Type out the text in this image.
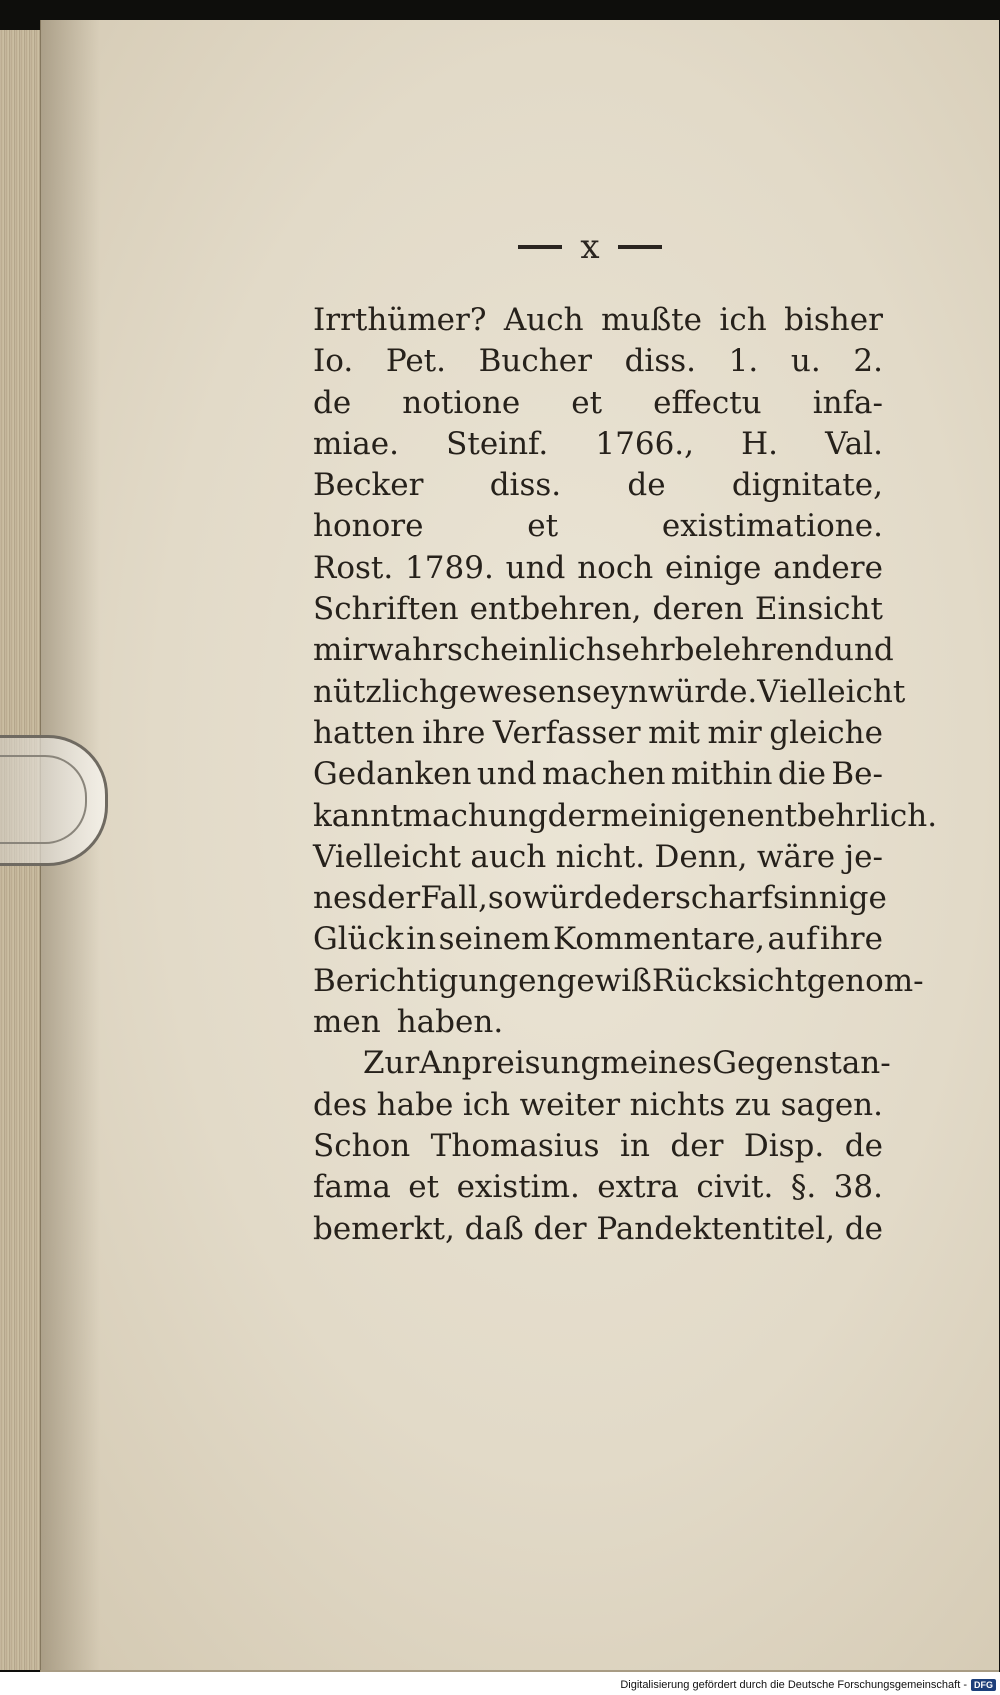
x
Irrthümer? Auch mußte ich bisher
Io. Pet. Bucher diss. 1. u. 2.
de notione et effectu infa-
miae. Steinf. 1766., H. Val.
Becker diss. de dignitate,
honore	et	existimatione.
Rost. 1789. und noch einige andere
Schriften entbehren, deren Einsicht
mir wahrscheinlich sehr belehrend und
nützlich gewesen seyn würde. Vielleicht
hatten ihre Verfasser mit mir gleiche
Gedanken und machen mithin die Be-
kanntmachung der meinigen entbehrlich.
Vielleicht auch nicht. Denn, wäre je-
nes der Fall, so würde der scharfsinnige
Glück in seinem Kommentare, auf ihre
Berichtigungen gewiß Rücksicht genom-
men haben.
Zur Anpreisung meines Gegenstan-
des habe ich weiter nichts zu sagen.
Schon Thomasius in der Disp. de
fama et existim. extra civit. §. 38.
bemerkt, daß der Pandektentitel, de
Digitalisierung gefördert durch die Deutsche Forschungsgemeinschaft - DFG
